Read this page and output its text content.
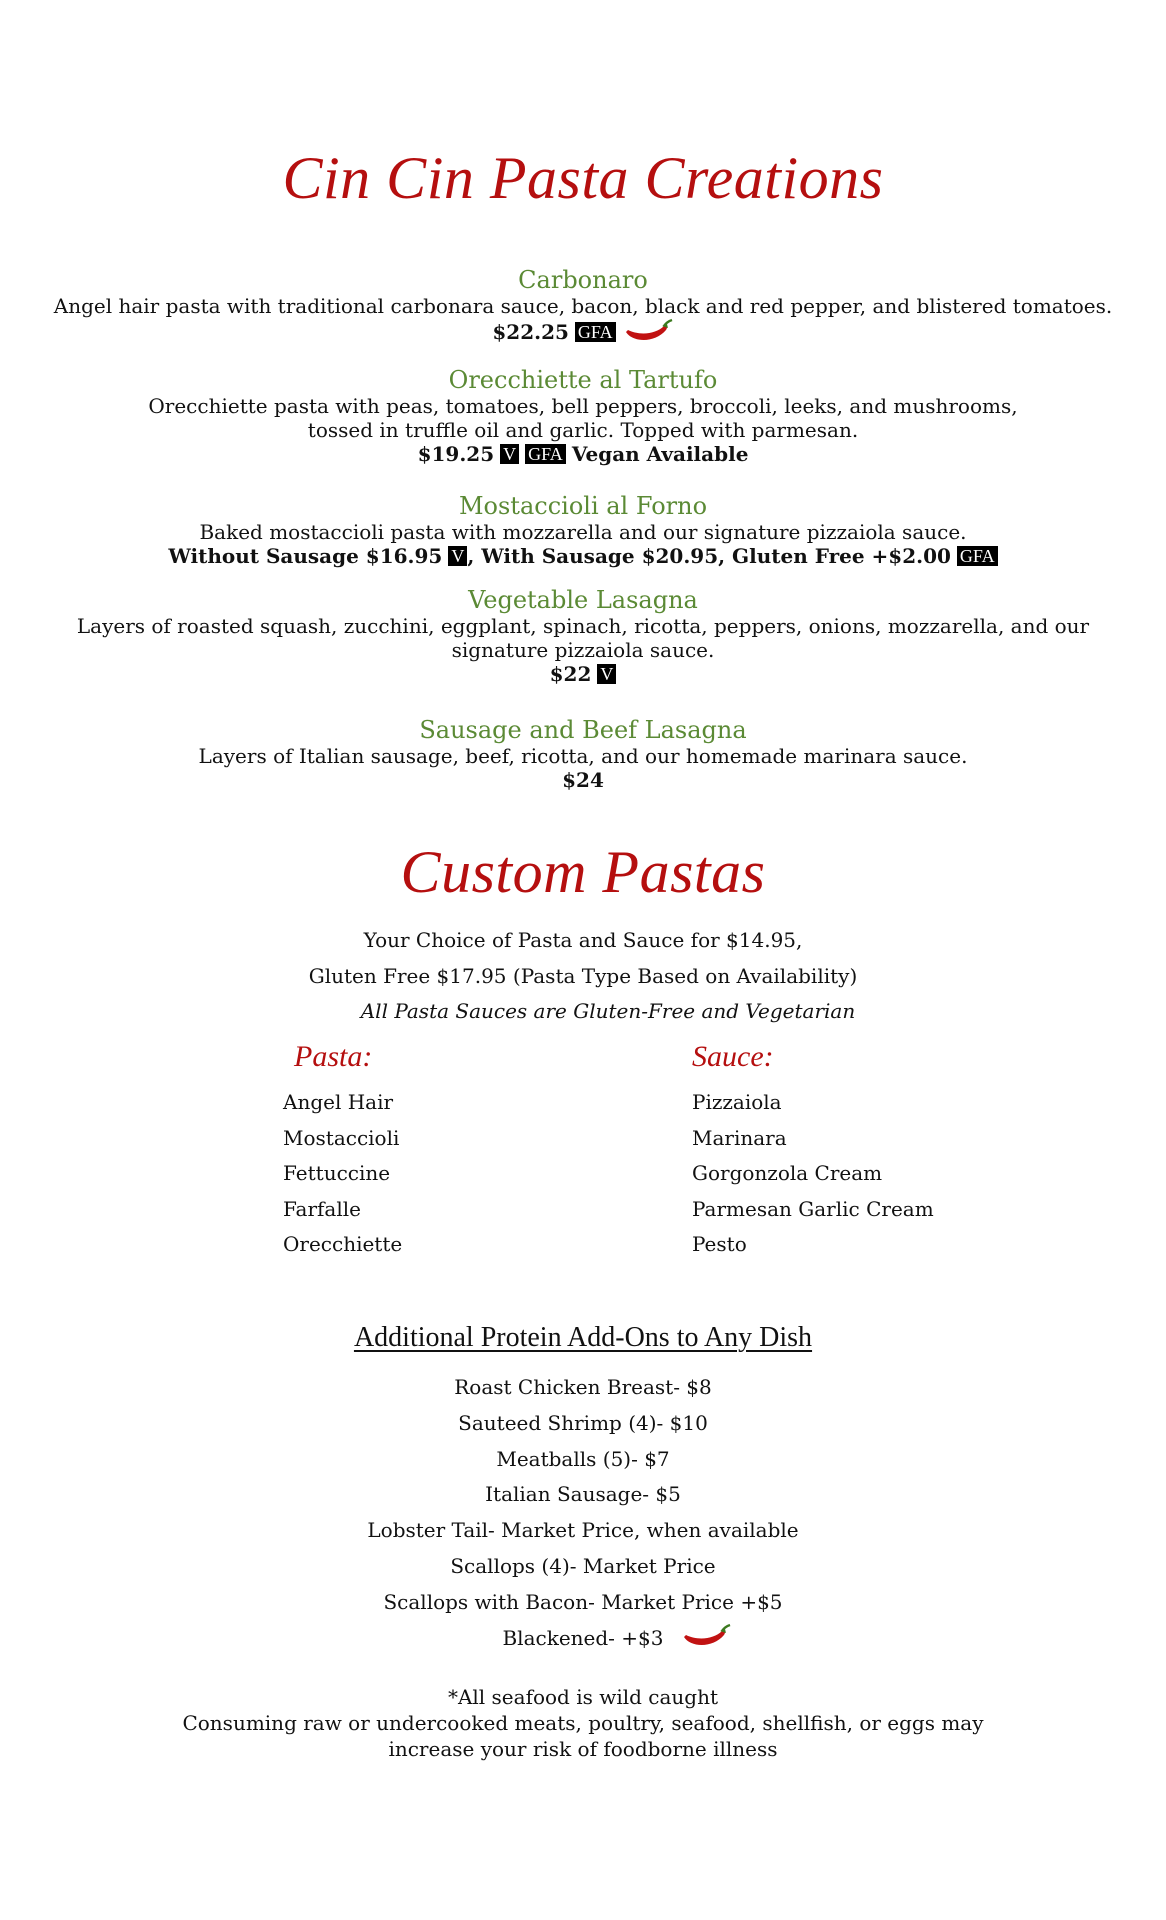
Cin Cin Pasta Creations
Carbonaro
Angel hair pasta with traditional carbonara sauce, bacon, black and red pepper, and blistered tomatoes.
$22.25 GFA
Orecchiette al Tartufo
Orecchiette pasta with peas, tomatoes, bell peppers, broccoli, leeks, and mushrooms,
tossed in truffle oil and garlic. Topped with parmesan.
$19.25 V GFA Vegan Available
Mostaccioli al Forno
Baked mostaccioli pasta with mozzarella and our signature pizzaiola sauce.
Without Sausage $16.95 V , With Sausage $20.95, Gluten Free +$2.00 GFA
Vegetable Lasagna
Layers of roasted squash, zucchini, eggplant, spinach, ricotta, peppers, onions, mozzarella, and our
signature pizzaiola sauce.
$22 V
Sausage and Beef Lasagna
Layers of Italian sausage, beef, ricotta, and our homemade marinara sauce.
$24
Custom Pastas
Your Choice of Pasta and Sauce for $14.95,
Gluten Free $17.95 (Pasta Type Based on Availability)
All Pasta Sauces are Gluten-Free and Vegetarian
Pasta:	Sauce:
Angel Hair
Mostaccioli
Fettuccine
Farfalle
Orecchiette
Pizzaiola
Marinara
Gorgonzola Cream
Parmesan Garlic Cream
Pesto
Additional Protein Add-Ons to Any Dish
Roast Chicken Breast- $8
Sauteed Shrimp (4)- $10
Meatballs (5)- $7
Italian Sausage- $5
Lobster Tail- Market Price, when available
Scallops (4)- Market Price
Scallops with Bacon- Market Price +$5
Blackened- +$3
*All seafood is wild caught
Consuming raw or undercooked meats, poultry, seafood, shellfish, or eggs may
increase your risk of foodborne illness
